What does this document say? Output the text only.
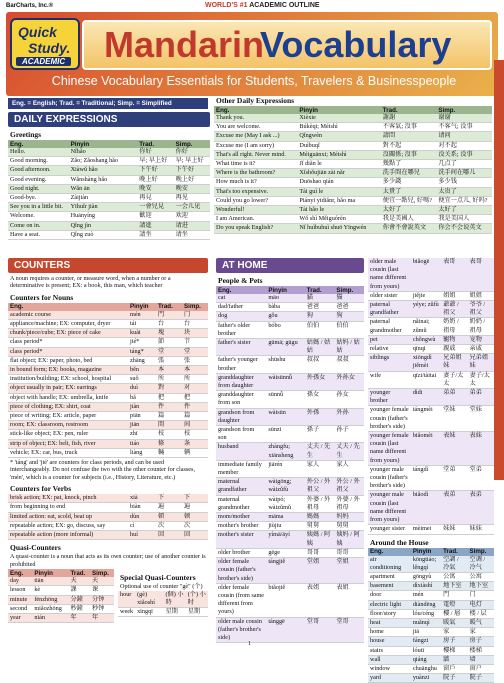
BarCharts, Inc.®	WORLD'S #1 ACADEMIC OUTLINE
Quick
Study.
ACADEMIC Mandarin
Vocabulary
Chinese Vocabulary Essentials for Students, Travelers & Businesspeople
Eng. = English; Trad. = Traditional; Simp. = Simplified
DAILY EXPRESSIONS
Greetings
Eng.	Pinyin	Trad.	Simp.
Hello.	Nǐhǎo	你好	你好
Good morning.	Zǎo; Zǎoshang hǎo	早; 早上好	早; 早上好
Good afternoon.	Xiàwǔ hǎo	下午好	下午好
Good evening.	Wǎnshàng hǎo	晚上好	晚上好
Good night.	Wǎn ān	晚安	晚安
Good-bye.	Zàijiàn	再見	再见
See you in a little bit.	Yīhuǐr jiàn	一會兒見	一会儿见
Welcome.	Huānyíng	歡迎	欢迎
Come on in.	Qǐng jìn	請進	请进
Have a seat.	Qǐng zuò	請坐	请坐
Other Daily Expressions
Eng.	Pinyin	Trad.	Simp.
Thank you.	Xièxie	謝謝	谢谢
You are welcome.	Búkèqi; Méishì	不客氣; 沒事	不客气; 没事
Excuse me (May I ask ...)	Qǐngwèn	請問	请问
Excuse me (I am sorry)	Duìbuqǐ	對不起	对不起
That's all right. Never mind.	Méiguānxi; Méishì	沒關係; 沒事	没关系; 没事
What time is it?	Jǐ diǎn le	幾點了	几点了
Where is the bathroom?	Xǐshǒujiān zài nǎr	洗手間在哪兒	洗手间在哪儿
How much is it?	Duōshao qián	多少錢	多少钱
That's too expensive.	Tài guì le	太貴了	太贵了
Could you go lower?	Piányi yīdiǎnr, hǎo ma	便宜一點兒, 好嗎?	便宜一点儿, 好吗?
Wonderful!	Tài hǎo le	太好了	太好了
I am American.	Wǒ shì Měiguórén	我是美國人	我是美国人
Do you speak English?	Nǐ huìbuhuì shuō Yīngwén	你會不會說英文	你会不会说英文
COUNTERS
A noun requires a counter, or measure word, when a number or a determinative is present; EX: a book, this man, which teacher
Counters for Nouns
Eng.	Pinyin	Trad.	Simp.
academic course	mén	門	门
appliance/machine; EX: computer, dryer	tái	台	台
chunk/piece/cube; EX: piece of cake	kuài	塊	块
class period*	jié*	節	节
class period*	táng*	堂	堂
flat object; EX: paper, photo, bed	zhāng	張	张
in bound form; EX: books, magazine	běn	本	本
institution/building; EX: school, hospital	suǒ	所	所
object usually in pair; EX: earrings	duì	對	对
object with handle; EX: umbrella, knife	bǎ	把	把
piece of clothing; EX: shirt, coat	jiàn	件	件
piece of writing; EX: article, paper	piān	篇	篇
room; EX: classroom, restroom	jiān	間	间
stick-like object; EX: pen, ruler	zhī	枝	枝
strip of object; EX: belt, fish, river	tiáo	條	条
vehicle; EX: car, bus, truck	liàng	輛	辆
* 'táng' and 'jié' are counters for class periods, and can be used interchangeably. Do not confuse the two with the other counter for classes, 'mén', which is a counter for subjects (i.e., History, Literature, etc.)
Counters for Verbs
brisk action; EX: pat, knock, pinch	xià	下	下
from beginning to end	biàn	遍	遍
limited action: eat, scold, beat up	dùn	頓	顿
repeatable action; EX: go, discuss, say	cì	次	次
repeatable action (more informal)	huí	回	回
Quasi-Counters
A quasi-counter is a noun that acts as its own counter; use of another counter is prohibited
Eng.	Pinyin	Trad.	Simp.
day	tiān	天	天
lesson	kè	課	课
minute	fēnzhōng	分鐘	分钟
second	miǎozhōng	秒鐘	秒钟
year	nián	年	年
Special Quasi-Counters
Optional use of counter "gè" (个)
hour	(gè) xiǎoshí	(個) 小時	(个) 小时
week	xīngqī	星期	星期
AT HOME
People & Pets
Eng.	Pinyin	Trad.	Simp.
cat	māo	貓	猫
dad/father	bàba	爸爸	爸爸
dog	gǒu	狗	狗
father's older brother	bóbo	伯伯	伯伯
father's sister	gūmā; gūgu	姑媽 / 姑姑	姑妈 / 姑姑
father's younger brother	shūshu	叔叔	叔叔
granddaughter from daughter	wàisūnnǚ	外孫女	外孙女
granddaughter from son	sūnnǚ	孫女	孙女
grandson from daughter	wàisūn	外孫	外孙
grandson from son	sūnzi	孫子	孙子
husband	zhàngfu; xiānsheng	丈夫 / 先生	丈夫 / 先生
immediate family member	jiārén	家人	家人
maternal grandfather	wàigōng; wàizǔfù	外公 / 外祖父	外公 / 外祖父
maternal grandmother	wàipó; wàizǔmǔ	外婆 / 外祖母	外婆 / 外祖母
mom/mother	māma	媽媽	妈妈
mother's brother	jiùjiu	舅舅	舅舅
mother's sister	yímā/āyí	姨媽 / 阿姨	姨妈 / 阿姨
older brother	gēge	哥哥	哥哥
older female cousin (father's brother's side)	tángjiě	堂姐	堂姐
older female cousin (from same different from yours)	biǎojiě	表姐	表姐
older male cousin (father's brother's side)	tánggē	堂哥	堂哥
older male cousin (last name different from yours)	biǎogē	表哥	表哥
older sister	jiějie	姐姐	姐姐
paternal grandfather	yéye; zǔfù	爺爺 / 祖父	爷爷 / 祖父
paternal grandmother	nǎinai; zǔmǔ	奶奶 / 祖母	奶奶 / 祖母
pet	chǒngwù	寵物	宠物
relative	qīnqi	親戚	亲戚
siblings	xiōngdì jiěmèi	兄弟姐妹	兄弟姐妹
wife	qīzi/tàitai	妻子/太太	妻子/太太
younger brother	dìdi	弟弟	弟弟
younger female cousin (father's brother's side)	tángmèi	堂妹	堂妹
younger female cousin (last name different from yours)	biǎomèi	表妹	表妹
younger male cousin (father's brother's side)	tángdì	堂弟	堂弟
younger male cousin (last name different from yours)	biǎodì	表弟	表弟
younger sister	mèimei	妹妹	妹妹
Around the House
Eng.	Pinyin	Trad.	Simp.
air conditioning	kōngtiáo; lěngqì	空調 / 冷氣	空调 / 冷气
apartment	gōngyù	公寓	公寓
basement	dìxiàshì	地下室	地下室
door	mén	門	门
electric light	diàndēng	電燈	电灯
floor/story	lóu/céng	樓 / 層	楼 / 层
heat	nuǎnqì	暖氣	暖气
home	jiā	家	家
house	fángzi	房子	房子
stairs	lóutī	樓梯	楼梯
wall	qiáng	牆	墙
window	chuānghu	窗戶	窗户
yard	yuànzi	院子	院子
1
